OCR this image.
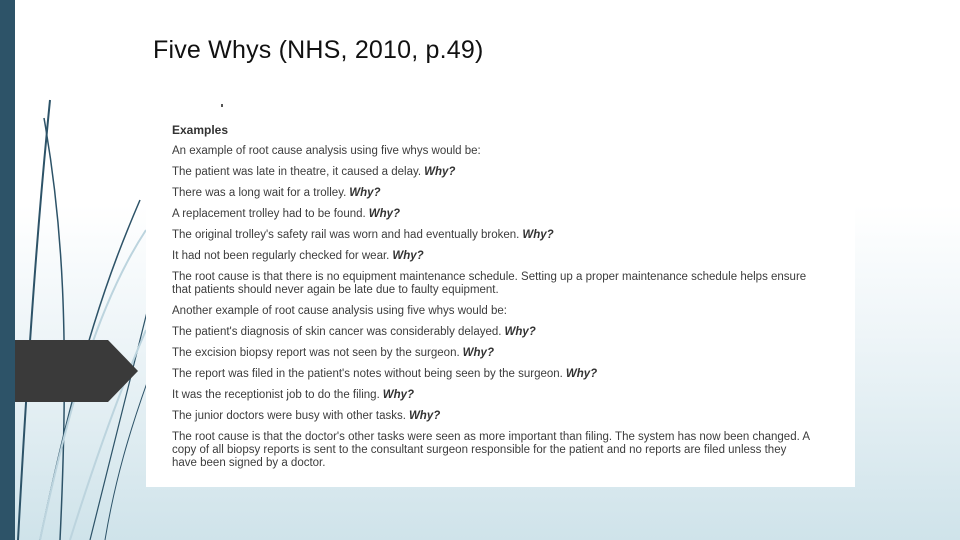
Five Whys (NHS, 2010, p.49)
Examples
An example of root cause analysis using five whys would be:
The patient was late in theatre, it caused a delay. Why?
There was a long wait for a trolley. Why?
A replacement trolley had to be found. Why?
The original trolley's safety rail was worn and had eventually broken. Why?
It had not been regularly checked for wear. Why?
The root cause is that there is no equipment maintenance schedule. Setting up a proper maintenance schedule helps ensure that patients should never again be late due to faulty equipment.
Another example of root cause analysis using five whys would be:
The patient's diagnosis of skin cancer was considerably delayed. Why?
The excision biopsy report was not seen by the surgeon. Why?
The report was filed in the patient's notes without being seen by the surgeon. Why?
It was the receptionist job to do the filing. Why?
The junior doctors were busy with other tasks. Why?
The root cause is that the doctor's other tasks were seen as more important than filing. The system has now been changed. A copy of all biopsy reports is sent to the consultant surgeon responsible for the patient and no reports are filed unless they have been signed by a doctor.
